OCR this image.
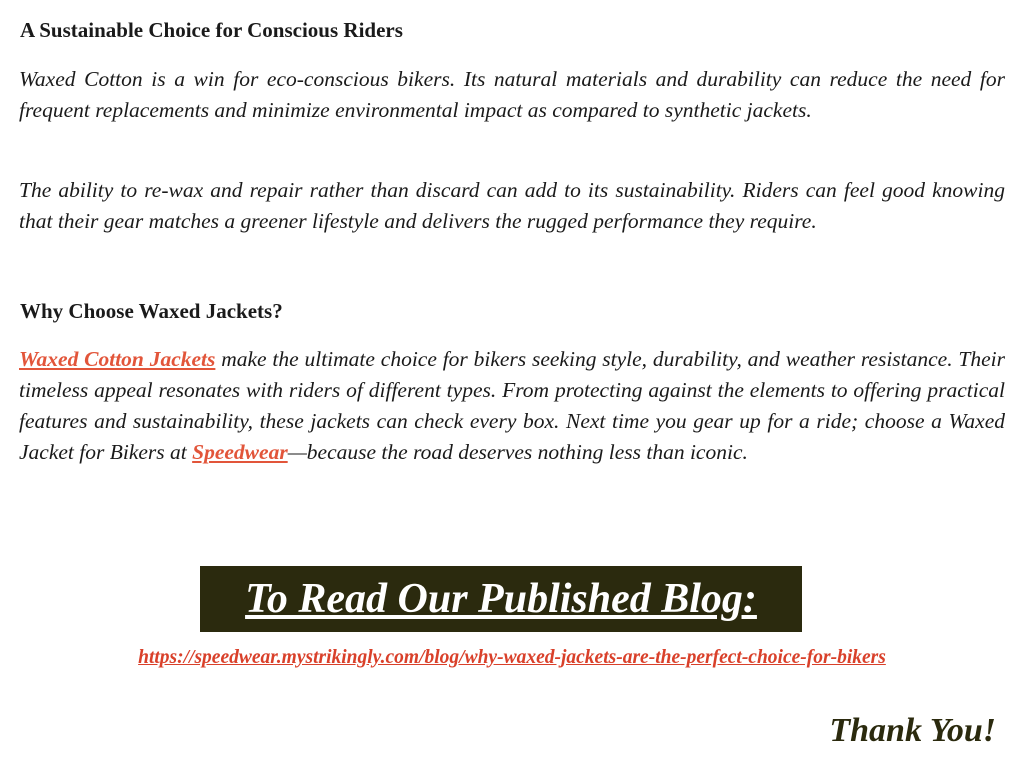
A Sustainable Choice for Conscious Riders

Waxed Cotton is a win for eco-conscious bikers. Its natural materials and durability can reduce the need for frequent replacements and minimize environmental impact as compared to synthetic jackets.

The ability to re-wax and repair rather than discard can add to its sustainability. Riders can feel good knowing that their gear matches a greener lifestyle and delivers the rugged performance they require.

Why Choose Waxed Jackets?

Waxed Cotton Jackets make the ultimate choice for bikers seeking style, durability, and weather resistance. Their timeless appeal resonates with riders of different types. From protecting against the elements to offering practical features and sustainability, these jackets can check every box. Next time you gear up for a ride; choose a Waxed Jacket for Bikers at Speedwear—because the road deserves nothing less than iconic.

To Read Our Published Blog:
https://speedwear.mystrikingly.com/blog/why-waxed-jackets-are-the-perfect-choice-for-bikers
Thank You!
